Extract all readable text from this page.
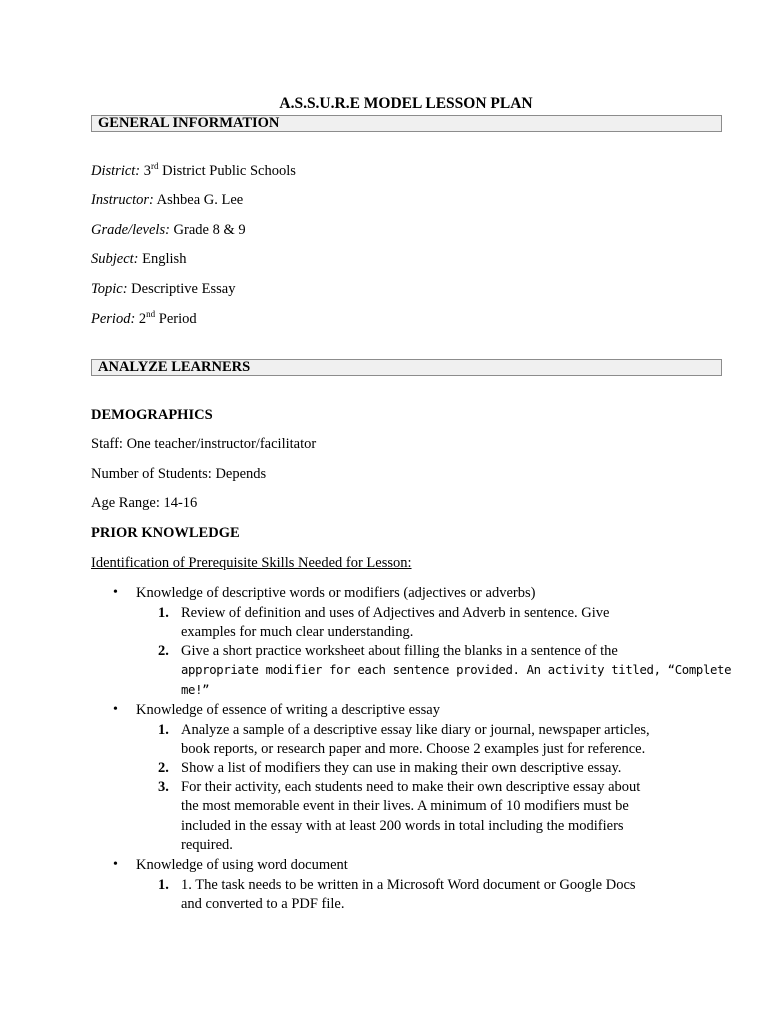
A.S.S.U.R.E MODEL LESSON PLAN
GENERAL INFORMATION
District: 3rd District Public Schools
Instructor: Ashbea G. Lee
Grade/levels: Grade 8 & 9
Subject: English
Topic: Descriptive Essay
Period: 2nd Period
ANALYZE LEARNERS
DEMOGRAPHICS
Staff: One teacher/instructor/facilitator
Number of Students: Depends
Age Range: 14-16
PRIOR KNOWLEDGE
Identification of Prerequisite Skills Needed for Lesson:
• Knowledge of descriptive words or modifiers (adjectives or adverbs)
1. Review of definition and uses of Adjectives and Adverb in sentence. Give
examples for much clear understanding.
2. Give a short practice worksheet about filling the blanks in a sentence of the
appropriate modifier for each sentence provided. An activity titled, “Complete
me!”
• Knowledge of essence of writing a descriptive essay
1. Analyze a sample of a descriptive essay like diary or journal, newspaper articles,
book reports, or research paper and more. Choose 2 examples just for reference.
2. Show a list of modifiers they can use in making their own descriptive essay.
3. For their activity, each students need to make their own descriptive essay about
the most memorable event in their lives. A minimum of 10 modifiers must be
included in the essay with at least 200 words in total including the modifiers
required.
• Knowledge of using word document
1. 1. The task needs to be written in a Microsoft Word document or Google Docs
and converted to a PDF file.
